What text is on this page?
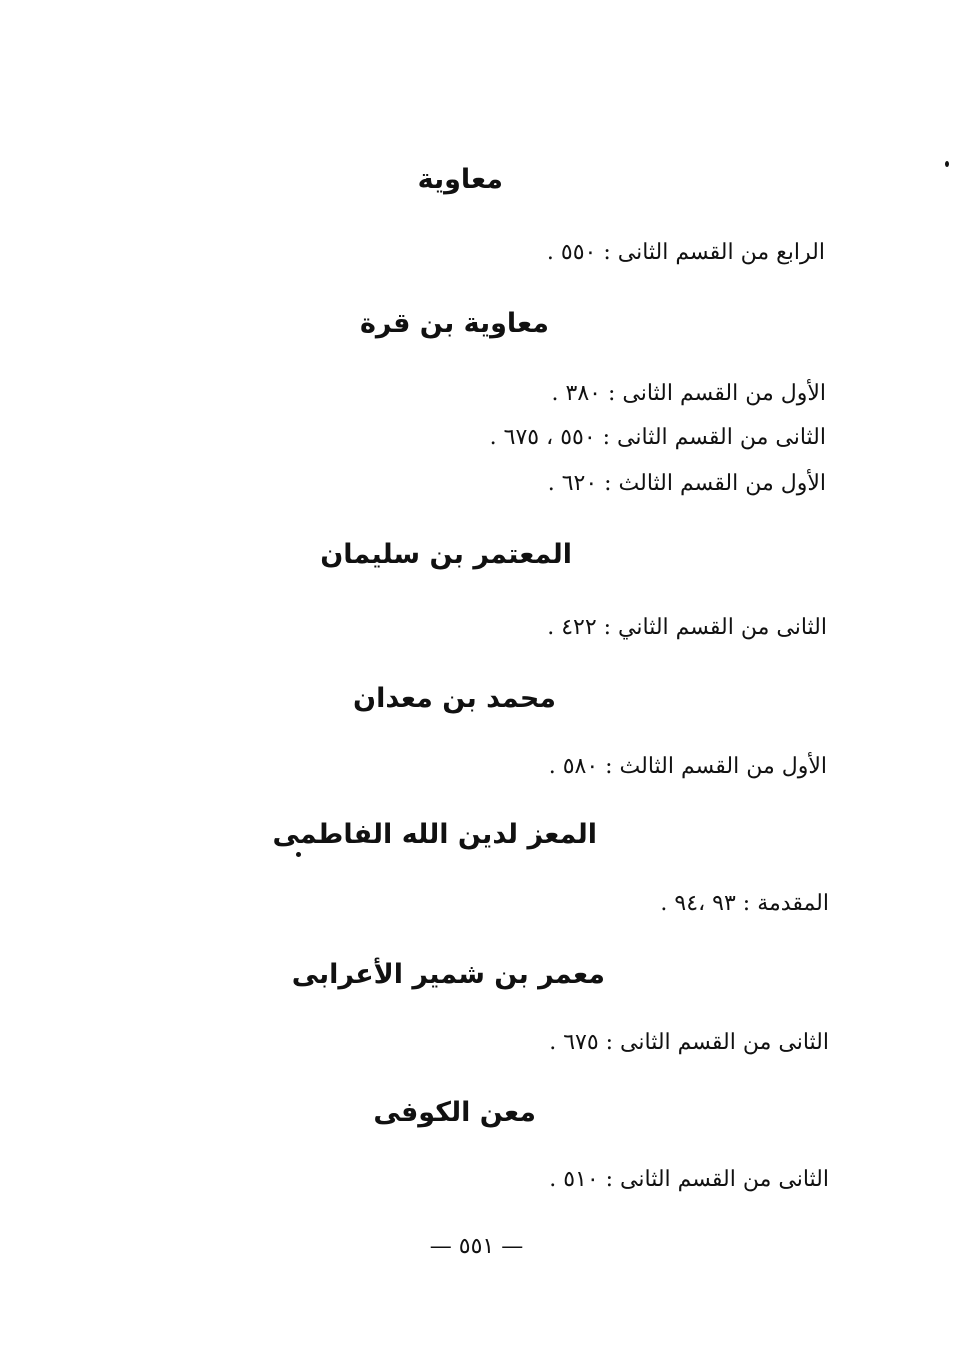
معاوية
الرابع من القسم الثانى : ٥٥٠ .
معاوية بن قرة
الأول من القسم الثانى : ٣٨٠ .
الثانى من القسم الثانى : ٥٥٠ ، ٦٧٥ .
الأول من القسم الثالث : ٦٢٠ .
المعتمر بن سليمان
الثانى من القسم الثاني : ٤٢٢ .
محمد بن معدان
الأول من القسم الثالث : ٥٨٠ .
المعز لدين الله الفاطمى
المقدمة : ٩٣ ،٩٤ .
معمر بن شمير الأعرابى
الثانى من القسم الثانى : ٦٧٥ .
معن الكوفى
الثانى من القسم الثانى : ٥١٠ .
— ٥٥١ —
